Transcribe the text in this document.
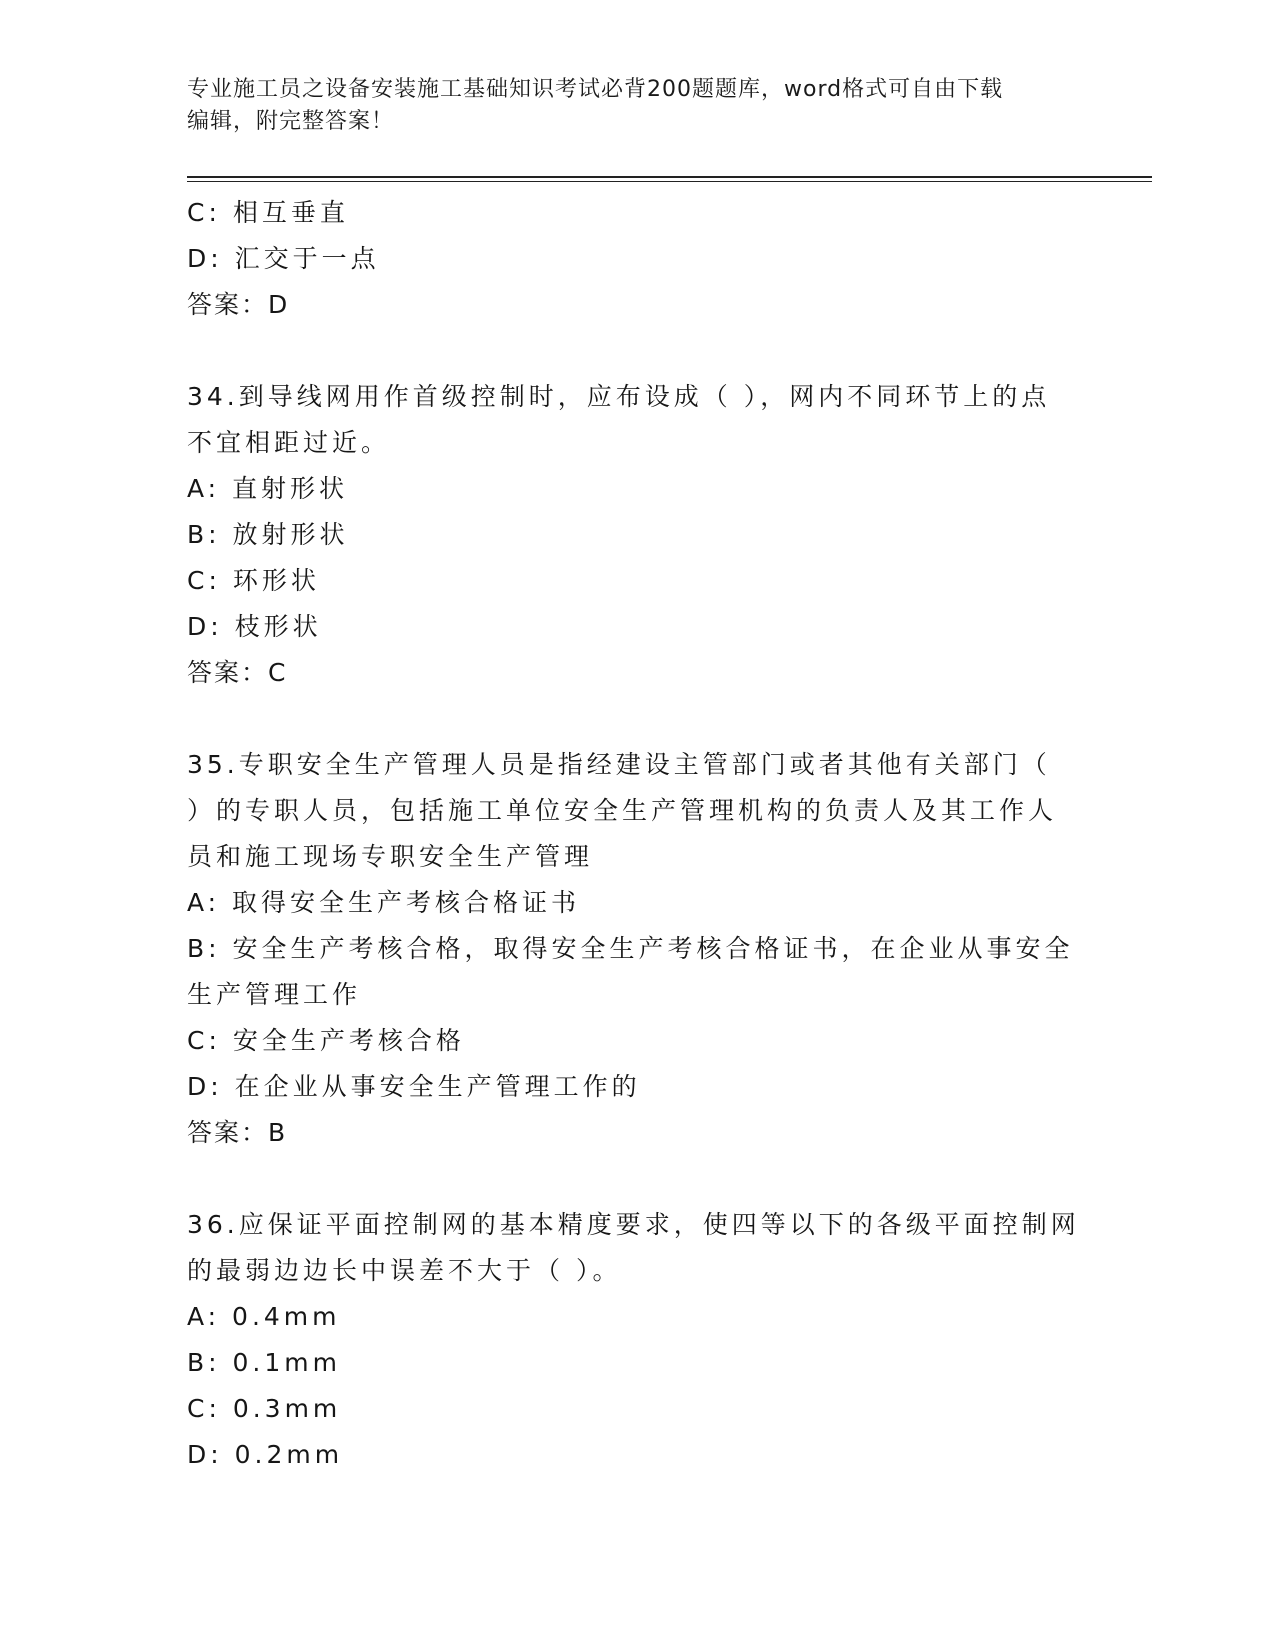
专业施工员之设备安装施工基础知识考试必背200题题库，word格式可自由下载
编辑，附完整答案！
C: 相互垂直
D: 汇交于一点
答案：D
34.到导线网用作首级控制时，应布设成（ ），网内不同环节上的点
不宜相距过近。
A: 直射形状
B: 放射形状
C: 环形状
D: 枝形状
答案：C
35.专职安全生产管理人员是指经建设主管部门或者其他有关部门（
）的专职人员，包括施工单位安全生产管理机构的负责人及其工作人
员和施工现场专职安全生产管理
A: 取得安全生产考核合格证书
B: 安全生产考核合格，取得安全生产考核合格证书，在企业从事安全
生产管理工作
C: 安全生产考核合格
D: 在企业从事安全生产管理工作的
答案：B
36.应保证平面控制网的基本精度要求，使四等以下的各级平面控制网
的最弱边边长中误差不大于（ ）。
A: 0.4mm
B: 0.1mm
C: 0.3mm
D: 0.2mm
